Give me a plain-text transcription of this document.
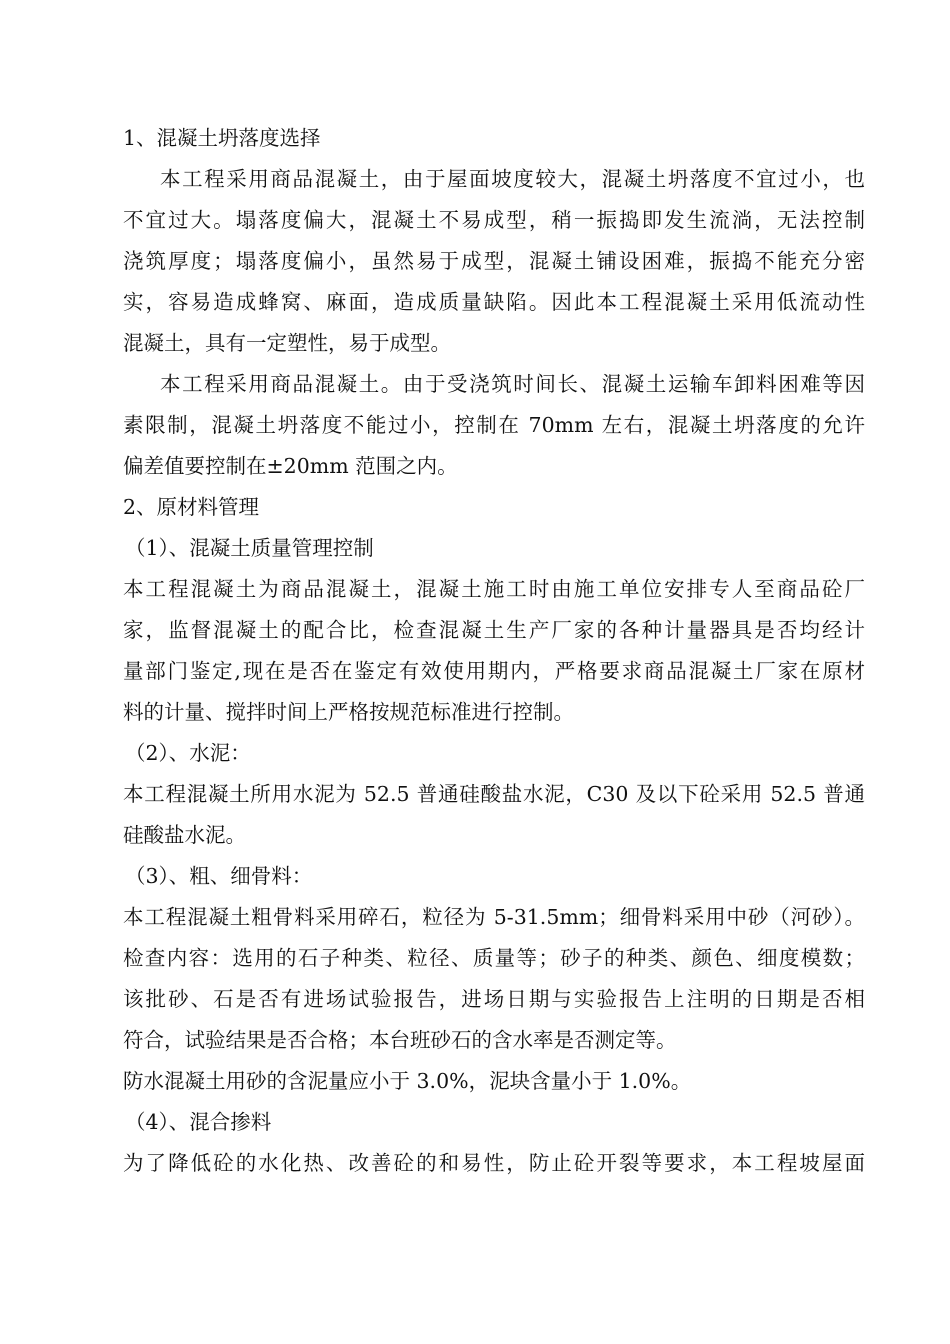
1、混凝土坍落度选择
本工程采用商品混凝土，由于屋面坡度较大，混凝土坍落度不宜过小，也
不宜过大。塌落度偏大，混凝土不易成型，稍一振捣即发生流淌，无法控制
浇筑厚度；塌落度偏小，虽然易于成型，混凝土铺设困难，振捣不能充分密
实，容易造成蜂窝、麻面，造成质量缺陷。因此本工程混凝土采用低流动性
混凝土，具有一定塑性，易于成型。
本工程采用商品混凝土。由于受浇筑时间长、混凝土运输车卸料困难等因
素限制，混凝土坍落度不能过小，控制在 70mm 左右，混凝土坍落度的允许
偏差值要控制在±20mm 范围之内。
2、原材料管理
（1）、混凝土质量管理控制
本工程混凝土为商品混凝土，混凝土施工时由施工单位安排专人至商品砼厂
家，监督混凝土的配合比，检查混凝土生产厂家的各种计量器具是否均经计
量部门鉴定,现在是否在鉴定有效使用期内，严格要求商品混凝土厂家在原材
料的计量、搅拌时间上严格按规范标准进行控制。
（2）、水泥：
本工程混凝土所用水泥为 52.5 普通硅酸盐水泥，C30 及以下砼采用 52.5 普通
硅酸盐水泥。
（3）、粗、细骨料：
本工程混凝土粗骨料采用碎石，粒径为 5-31.5mm；细骨料采用中砂（河砂）。
检查内容：选用的石子种类、粒径、质量等；砂子的种类、颜色、细度模数；
该批砂、石是否有进场试验报告，进场日期与实验报告上注明的日期是否相
符合，试验结果是否合格；本台班砂石的含水率是否测定等。
防水混凝土用砂的含泥量应小于 3.0%，泥块含量小于 1.0%。
（4）、混合掺料
为了降低砼的水化热、改善砼的和易性，防止砼开裂等要求，本工程坡屋面
